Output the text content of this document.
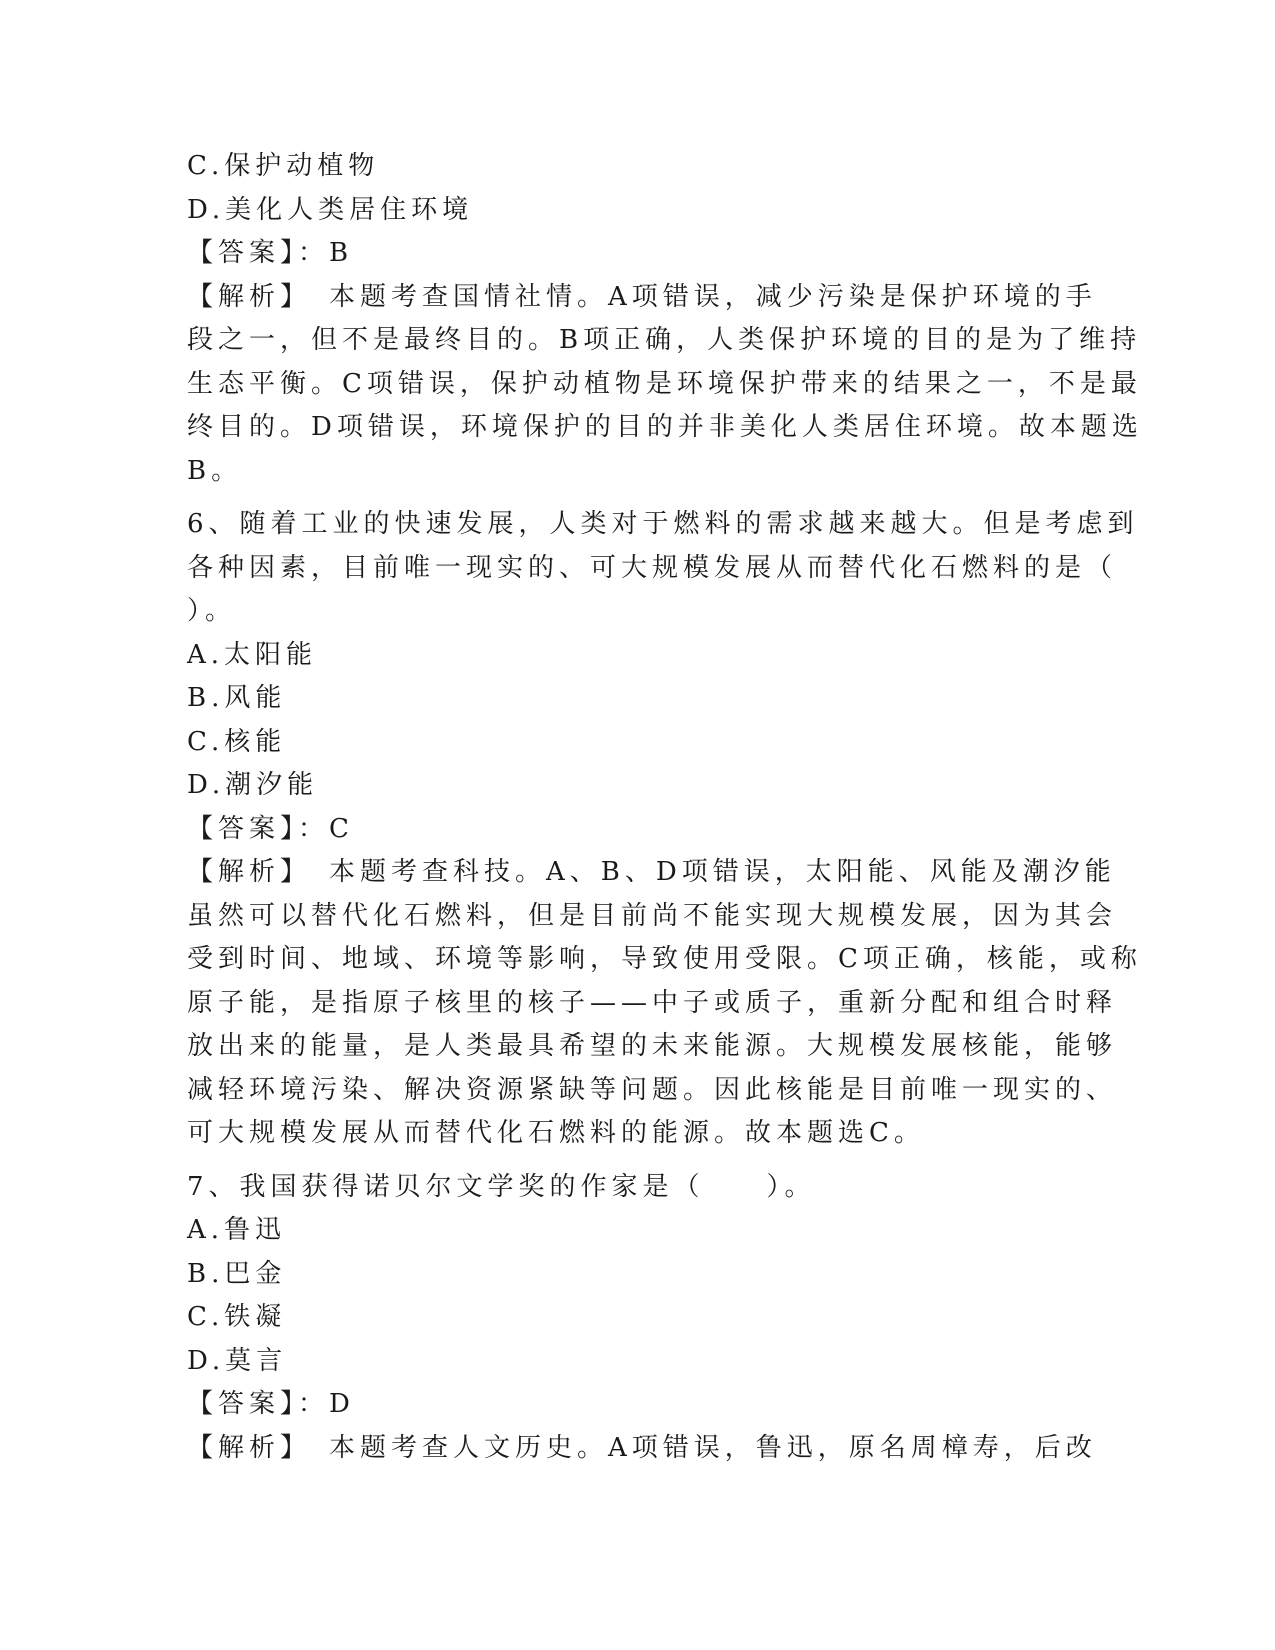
C.保护动植物
D.美化人类居住环境
【答案】：B
【解析】　本题考查国情社情。A项错误，减少污染是保护环境的手
段之一，但不是最终目的。B项正确，人类保护环境的目的是为了维持
生态平衡。C项错误，保护动植物是环境保护带来的结果之一，不是最
终目的。D项错误，环境保护的目的并非美化人类居住环境。故本题选
B。
6、随着工业的快速发展，人类对于燃料的需求越来越大。但是考虑到
各种因素，目前唯一现实的、可大规模发展从而替代化石燃料的是（
）。
A.太阳能
B.风能
C.核能
D.潮汐能
【答案】：C
【解析】　本题考查科技。A、B、D项错误，太阳能、风能及潮汐能
虽然可以替代化石燃料，但是目前尚不能实现大规模发展，因为其会
受到时间、地域、环境等影响，导致使用受限。C项正确，核能，或称
原子能，是指原子核里的核子——中子或质子，重新分配和组合时释
放出来的能量，是人类最具希望的未来能源。大规模发展核能，能够
减轻环境污染、解决资源紧缺等问题。因此核能是目前唯一现实的、
可大规模发展从而替代化石燃料的能源。故本题选C。
7、我国获得诺贝尔文学奖的作家是（　　）。
A.鲁迅
B.巴金
C.铁凝
D.莫言
【答案】：D
【解析】　本题考查人文历史。A项错误，鲁迅，原名周樟寿，后改
